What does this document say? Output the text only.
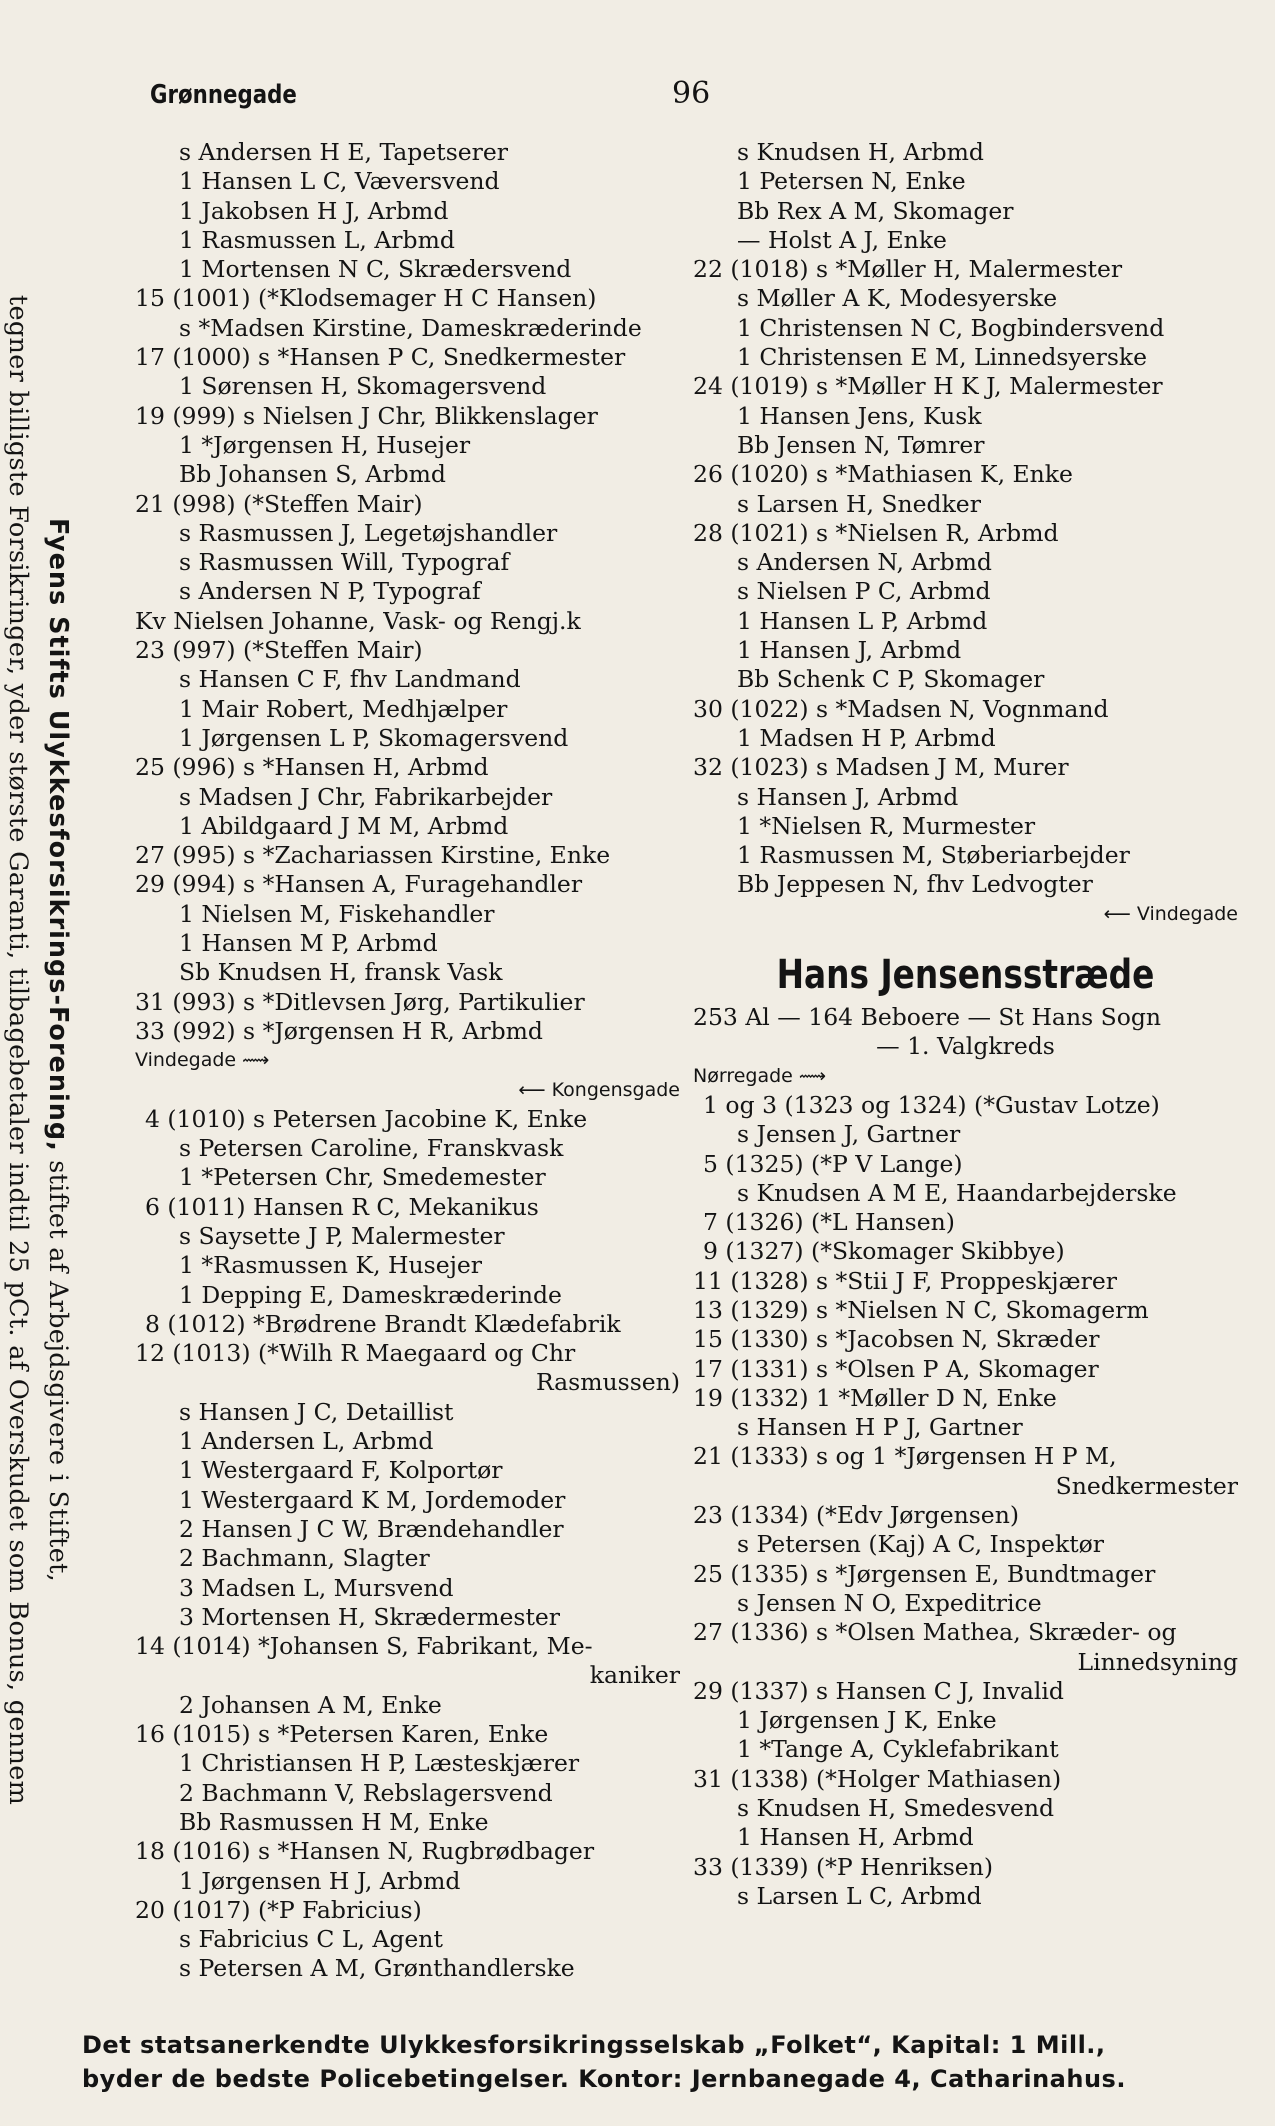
Grønnegade	96
Fyens Stifts Ulykkesforsikrings-Forening, stiftet af Arbejdsgivere i Stiftet,
tegner billigste Forsikringer, yder største Garanti, tilbagebetaler indtil 25 pCt. af Overskudet som Bonus, gennem
s Andersen H E, Tapetserer
1 Hansen L C, Væversvend
1 Jakobsen H J, Arbmd
1 Rasmussen L, Arbmd
1 Mortensen N C, Skrædersvend
15 (1001) (*Klodsemager H C Hansen)
s *Madsen Kirstine, Dameskræderinde
17 (1000) s *Hansen P C, Snedkermester
1 Sørensen H, Skomagersvend
19 (999) s Nielsen J Chr, Blikkenslager
1 *Jørgensen H, Husejer
Bb Johansen S, Arbmd
21 (998) (*Steffen Mair)
s Rasmussen J, Legetøjshandler
s Rasmussen Will, Typograf
s Andersen N P, Typograf
Kv Nielsen Johanne, Vask- og Rengj.k
23 (997) (*Steffen Mair)
s Hansen C F, fhv Landmand
1 Mair Robert, Medhjælper
1 Jørgensen L P, Skomagersvend
25 (996) s *Hansen H, Arbmd
s Madsen J Chr, Fabrikarbejder
1 Abildgaard J M M, Arbmd
27 (995) s *Zachariassen Kirstine, Enke
29 (994) s *Hansen A, Furagehandler
1 Nielsen M, Fiskehandler
1 Hansen M P, Arbmd
Sb Knudsen H, fransk Vask
31 (993) s *Ditlevsen Jørg, Partikulier
33 (992) s *Jørgensen H R, Arbmd
Vindegade ⟿
⟵ Kongensgade
4 (1010) s Petersen Jacobine K, Enke
s Petersen Caroline, Franskvask
1 *Petersen Chr, Smedemester
6 (1011) Hansen R C, Mekanikus
s Saysette J P, Malermester
1 *Rasmussen K, Husejer
1 Depping E, Dameskræderinde
8 (1012) *Brødrene Brandt Klædefabrik
12 (1013) (*Wilh R Maegaard og Chr
Rasmussen)
s Hansen J C, Detaillist
1 Andersen L, Arbmd
1 Westergaard F, Kolportør
1 Westergaard K M, Jordemoder
2 Hansen J C W, Brændehandler
2 Bachmann, Slagter
3 Madsen L, Mursvend
3 Mortensen H, Skrædermester
14 (1014) *Johansen S, Fabrikant, Me-
kaniker
2 Johansen A M, Enke
16 (1015) s *Petersen Karen, Enke
1 Christiansen H P, Læsteskjærer
2 Bachmann V, Rebslagersvend
Bb Rasmussen H M, Enke
18 (1016) s *Hansen N, Rugbrødbager
1 Jørgensen H J, Arbmd
20 (1017) (*P Fabricius)
s Fabricius C L, Agent
s Petersen A M, Grønthandlerske
s Knudsen H, Arbmd
1 Petersen N, Enke
Bb Rex A M, Skomager
— Holst A J, Enke
22 (1018) s *Møller H, Malermester
s Møller A K, Modesyerske
1 Christensen N C, Bogbindersvend
1 Christensen E M, Linnedsyerske
24 (1019) s *Møller H K J, Malermester
1 Hansen Jens, Kusk
Bb Jensen N, Tømrer
26 (1020) s *Mathiasen K, Enke
s Larsen H, Snedker
28 (1021) s *Nielsen R, Arbmd
s Andersen N, Arbmd
s Nielsen P C, Arbmd
1 Hansen L P, Arbmd
1 Hansen J, Arbmd
Bb Schenk C P, Skomager
30 (1022) s *Madsen N, Vognmand
1 Madsen H P, Arbmd
32 (1023) s Madsen J M, Murer
s Hansen J, Arbmd
1 *Nielsen R, Murmester
1 Rasmussen M, Støberiarbejder
Bb Jeppesen N, fhv Ledvogter
⟵ Vindegade
Hans Jensensstræde
253 Al — 164 Beboere — St Hans Sogn
— 1. Valgkreds
Nørregade ⟿
1 og 3 (1323 og 1324) (*Gustav Lotze)
s Jensen J, Gartner
5 (1325) (*P V Lange)
s Knudsen A M E, Haandarbejderske
7 (1326) (*L Hansen)
9 (1327) (*Skomager Skibbye)
11 (1328) s *Stii J F, Proppeskjærer
13 (1329) s *Nielsen N C, Skomagerm
15 (1330) s *Jacobsen N, Skræder
17 (1331) s *Olsen P A, Skomager
19 (1332) 1 *Møller D N, Enke
s Hansen H P J, Gartner
21 (1333) s og 1 *Jørgensen H P M,
Snedkermester
23 (1334) (*Edv Jørgensen)
s Petersen (Kaj) A C, Inspektør
25 (1335) s *Jørgensen E, Bundtmager
s Jensen N O, Expeditrice
27 (1336) s *Olsen Mathea, Skræder- og
Linnedsyning
29 (1337) s Hansen C J, Invalid
1 Jørgensen J K, Enke
1 *Tange A, Cyklefabrikant
31 (1338) (*Holger Mathiasen)
s Knudsen H, Smedesvend
1 Hansen H, Arbmd
33 (1339) (*P Henriksen)
s Larsen L C, Arbmd
Det statsanerkendte Ulykkesforsikringsselskab „Folket“, Kapital: 1 Mill.,
byder de bedste Policebetingelser. Kontor: Jernbanegade 4, Catharinahus.
